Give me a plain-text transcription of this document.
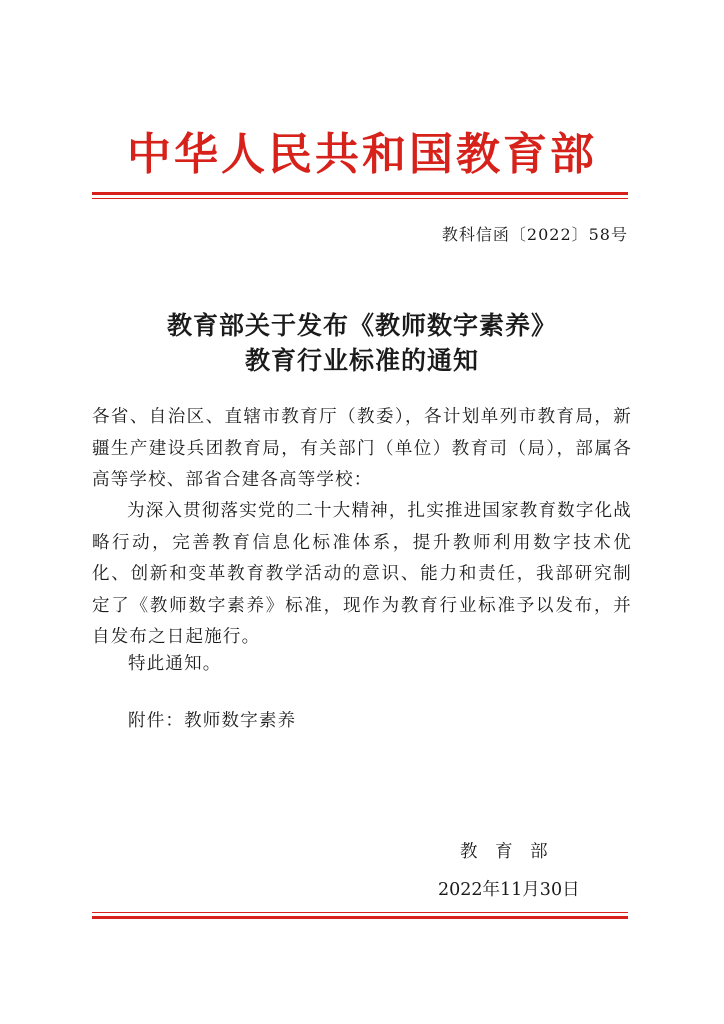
中华人民共和国教育部
教科信函〔2022〕58号
教育部关于发布《教师数字素养》
教育行业标准的通知
各省、自治区、直辖市教育厅（教委），各计划单列市教育局，新疆生产建设兵团教育局，有关部门（单位）教育司（局），部属各高等学校、部省合建各高等学校：
为深入贯彻落实党的二十大精神，扎实推进国家教育数字化战略行动，完善教育信息化标准体系，提升教师利用数字技术优化、创新和变革教育教学活动的意识、能力和责任，我部研究制定了《教师数字素养》标准，现作为教育行业标准予以发布，并自发布之日起施行。
特此通知。
附件：教师数字素养
教 育 部
2022年11月30日
